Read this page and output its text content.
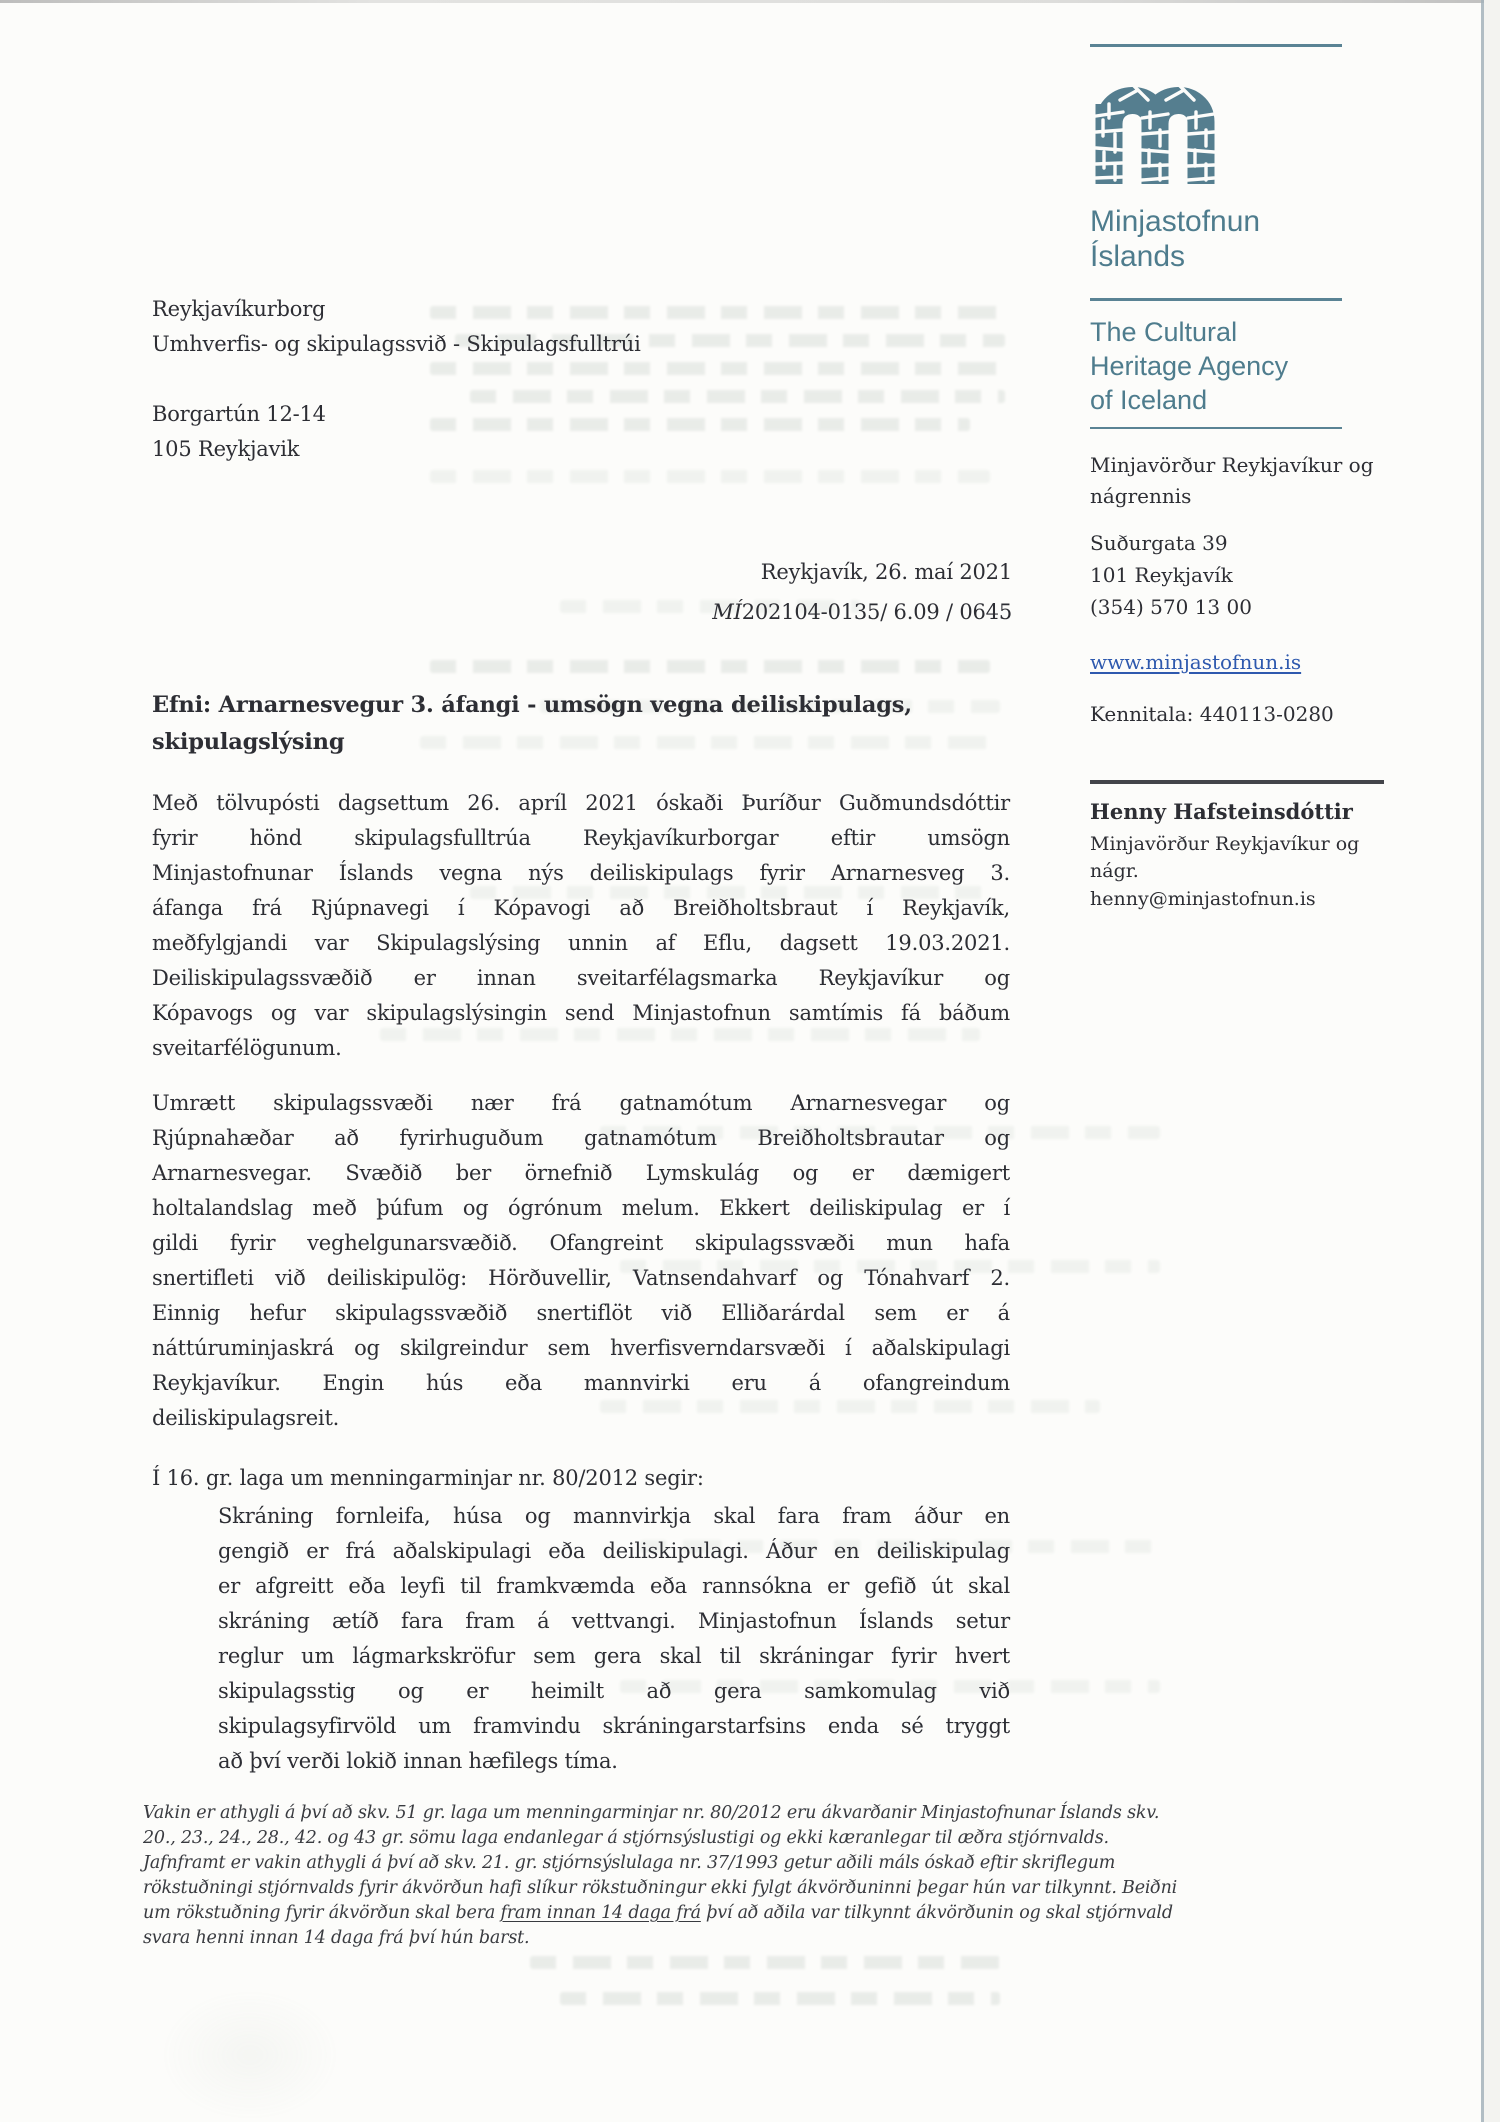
Reykjavíkurborg
Umhverfis- og skipulagssvið - Skipulagsfulltrúi
Borgartún 12-14
105 Reykjavik
Reykjavík, 26. maí 2021
MÍ202104-0135/ 6.09 / 0645
Efni: Arnarnesvegur 3. áfangi - umsögn vegna deiliskipulags,
skipulagslýsing
Með tölvupósti dagsettum 26. apríl 2021 óskaði Þuríður Guðmundsdóttir
fyrir hönd skipulagsfulltrúa Reykjavíkurborgar eftir umsögn
Minjastofnunar Íslands vegna nýs deiliskipulags fyrir Arnarnesveg 3.
áfanga frá Rjúpnavegi í Kópavogi að Breiðholtsbraut í Reykjavík,
meðfylgjandi var Skipulagslýsing unnin af Eflu, dagsett 19.03.2021.
Deiliskipulagssvæðið er innan sveitarfélagsmarka Reykjavíkur og
Kópavogs og var skipulagslýsingin send Minjastofnun samtímis fá báðum
sveitarfélögunum.
Umrætt skipulagssvæði nær frá gatnamótum Arnarnesvegar og
Rjúpnahæðar að fyrirhuguðum gatnamótum Breiðholtsbrautar og
Arnarnesvegar. Svæðið ber örnefnið Lymskulág og er dæmigert
holtalandslag með þúfum og ógrónum melum. Ekkert deiliskipulag er í
gildi fyrir veghelgunarsvæðið. Ofangreint skipulagssvæði mun hafa
snertifleti við deiliskipulög: Hörðuvellir, Vatnsendahvarf og Tónahvarf 2.
Einnig hefur skipulagssvæðið snertiflöt við Elliðarárdal sem er á
náttúruminjaskrá og skilgreindur sem hverfisverndarsvæði í aðalskipulagi
Reykjavíkur. Engin hús eða mannvirki eru á ofangreindum
deiliskipulagsreit.
Í 16. gr. laga um menningarminjar nr. 80/2012 segir:
Skráning fornleifa, húsa og mannvirkja skal fara fram áður en
gengið er frá aðalskipulagi eða deiliskipulagi. Áður en deiliskipulag
er afgreitt eða leyfi til framkvæmda eða rannsókna er gefið út skal
skráning ætíð fara fram á vettvangi. Minjastofnun Íslands setur
reglur um lágmarkskröfur sem gera skal til skráningar fyrir hvert
skipulagsstig og er heimilt að gera samkomulag við
skipulagsyfirvöld um framvindu skráningarstarfsins enda sé tryggt
að því verði lokið innan hæfilegs tíma.
Vakin er athygli á því að skv. 51 gr. laga um menningarminjar nr. 80/2012 eru ákvarðanir Minjastofnunar Íslands skv.
20., 23., 24., 28., 42. og 43 gr. sömu laga endanlegar á stjórnsýslustigi og ekki kæranlegar til æðra stjórnvalds.
Jafnframt er vakin athygli á því að skv. 21. gr. stjórnsýslulaga nr. 37/1993 getur aðili máls óskað eftir skriflegum
rökstuðningi stjórnvalds fyrir ákvörðun hafi slíkur rökstuðningur ekki fylgt ákvörðuninni þegar hún var tilkynnt. Beiðni
um rökstuðning fyrir ákvörðun skal bera fram innan 14 daga frá því að aðila var tilkynnt ákvörðunin og skal stjórnvald
svara henni innan 14 daga frá því hún barst.
Minjastofnun
Íslands
The Cultural
Heritage Agency
of Iceland
Minjavörður Reykjavíkur og
nágrennis
Suðurgata 39
101 Reykjavík
(354) 570 13 00
www.minjastofnun.is
Kennitala: 440113-0280
Henny Hafsteinsdóttir
Minjavörður Reykjavíkur og
nágr.
henny@minjastofnun.is
